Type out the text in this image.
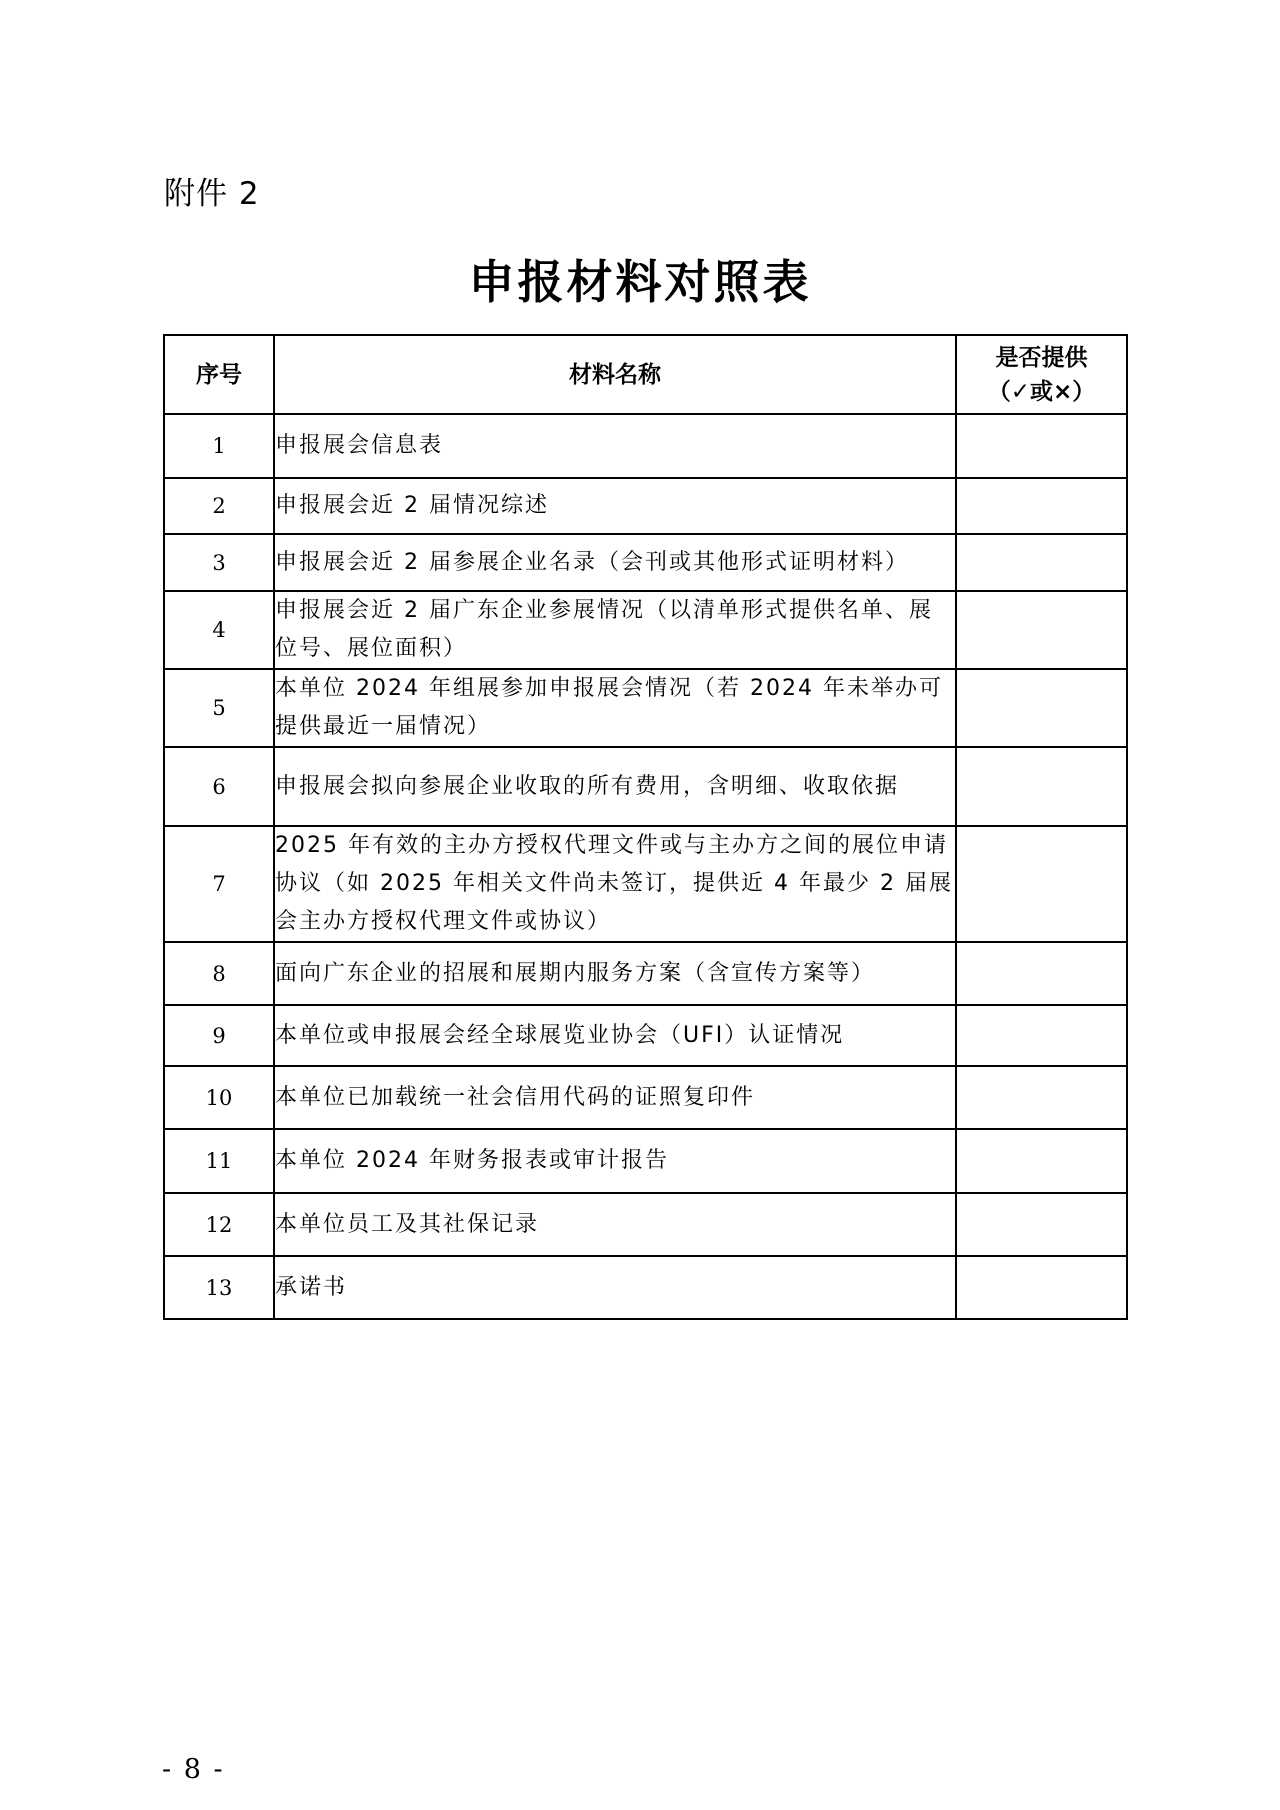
附件 2
申报材料对照表
序号	材料名称	是否提供
（✓或×）

1	申报展会信息表	
2	申报展会近 2 届情况综述	
3	申报展会近 2 届参展企业名录（会刊或其他形式证明材料）	
4	申报展会近 2 届广东企业参展情况（以清单形式提供名单、展位号、展位面积）	
5	本单位 2024 年组展参加申报展会情况（若 2024 年未举办可提供最近一届情况）	
6	申报展会拟向参展企业收取的所有费用，含明细、收取依据	
7	2025 年有效的主办方授权代理文件或与主办方之间的展位申请协议（如 2025 年相关文件尚未签订，提供近 4 年最少 2 届展会主办方授权代理文件或协议）	
8	面向广东企业的招展和展期内服务方案（含宣传方案等）	
9	本单位或申报展会经全球展览业协会（UFI）认证情况	
10	本单位已加载统一社会信用代码的证照复印件	
11	本单位 2024 年财务报表或审计报告	
12	本单位员工及其社保记录	
13	承诺书	
- 8 -
